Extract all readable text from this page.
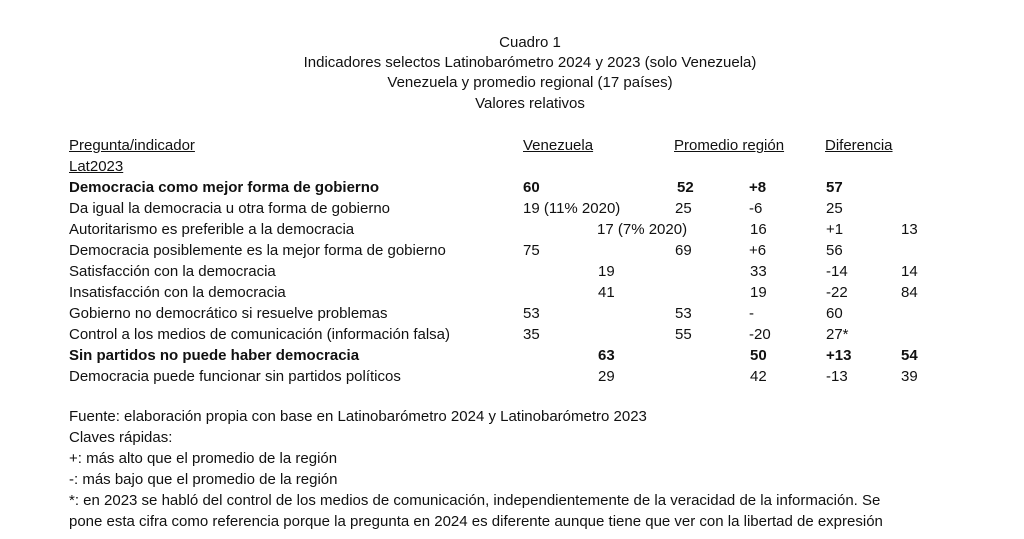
Cuadro 1
Indicadores selectos Latinobarómetro 2024 y 2023 (solo Venezuela)
Venezuela y promedio regional (17 países)
Valores relativos
Pregunta/indicador	Venezuela	Promedio región	Diferencia
Lat2023
Democracia como mejor forma de gobierno	60	52	+8	57
Da igual la democracia u otra forma de gobierno	19 (11% 2020)	25	-6	25
Autoritarismo es preferible a la democracia	17 (7% 2020)	16	+1	13
Democracia posiblemente es la mejor forma de gobierno	75	69	+6	56
Satisfacción con la democracia	19	33	-14	14
Insatisfacción con la democracia	41	19	-22	84
Gobierno no democrático si resuelve problemas	53	53	-	60
Control a los medios de comunicación (información falsa)	35	55	-20	27*
Sin partidos no puede haber democracia	63	50	+13	54
Democracia puede funcionar sin partidos políticos	29	42	-13	39
Fuente: elaboración propia con base en Latinobarómetro 2024 y Latinobarómetro 2023
Claves rápidas:
+: más alto que el promedio de la región
-: más bajo que el promedio de la región
*: en 2023 se habló del control de los medios de comunicación, independientemente de la veracidad de la información. Se
pone esta cifra como referencia porque la pregunta en 2024 es diferente aunque tiene que ver con la libertad de expresión
